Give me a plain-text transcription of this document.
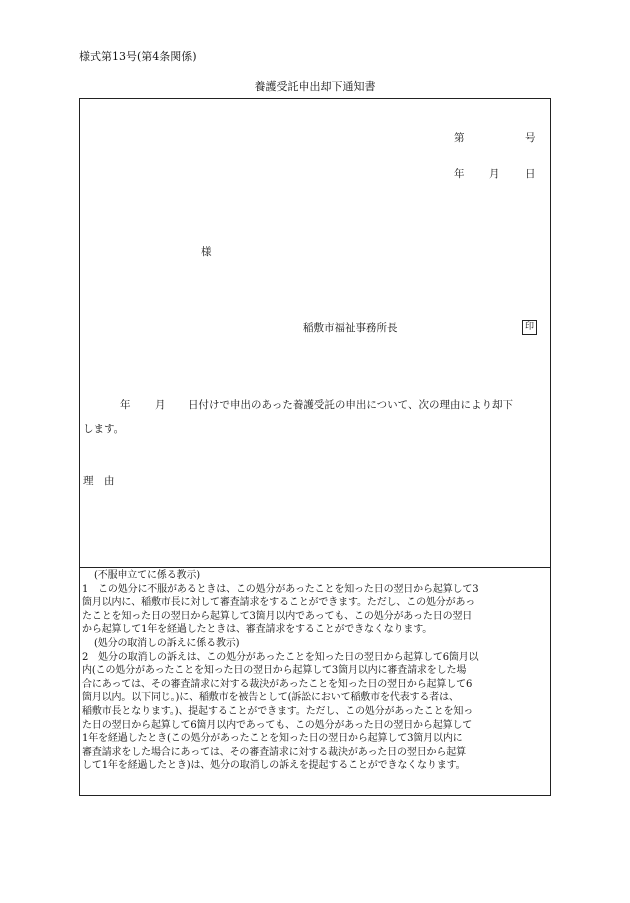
様式第13号(第4条関係)
養護受託申出却下通知書
第	号
年 月 日
様
稲敷市福祉事務所長	印
年 月 日付けで申出のあった養護受託の申出について、次の理由により却下
します。
理　由
(不服申立てに係る教示)
1　この処分に不服があるときは、この処分があったことを知った日の翌日から起算して3
箇月以内に、稲敷市長に対して審査請求をすることができます。ただし、この処分があっ
たことを知った日の翌日から起算して3箇月以内であっても、この処分があった日の翌日
から起算して1年を経過したときは、審査請求をすることができなくなります。
(処分の取消しの訴えに係る教示)
2　処分の取消しの訴えは、この処分があったことを知った日の翌日から起算して6箇月以
内(この処分があったことを知った日の翌日から起算して3箇月以内に審査請求をした場
合にあっては、その審査請求に対する裁決があったことを知った日の翌日から起算して6
箇月以内。以下同じ。)に、稲敷市を被告として(訴訟において稲敷市を代表する者は、
稲敷市長となります。)、提起することができます。ただし、この処分があったことを知っ
た日の翌日から起算して6箇月以内であっても、この処分があった日の翌日から起算して
1年を経過したとき(この処分があったことを知った日の翌日から起算して3箇月以内に
審査請求をした場合にあっては、その審査請求に対する裁決があった日の翌日から起算
して1年を経過したとき)は、処分の取消しの訴えを提起することができなくなります。
